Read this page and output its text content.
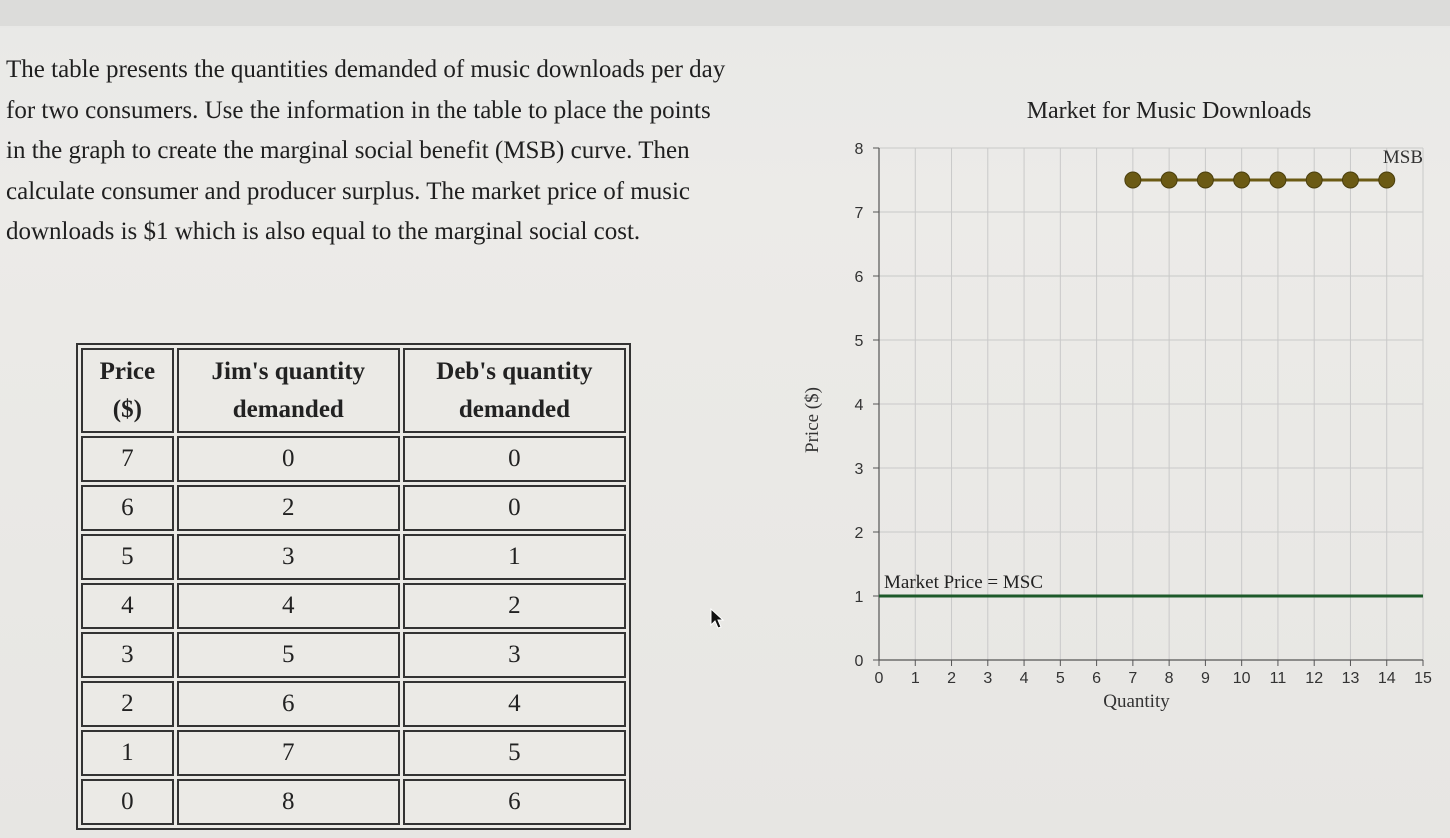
The table presents the quantities demanded of music downloads per day for two consumers. Use the information in the table to place the points in the graph to create the marginal social benefit (MSB) curve. Then calculate consumer and producer surplus. The market price of music downloads is $1 which is also equal to the marginal social cost.
Price ($)	Jim's quantity demanded	Deb's quantity demanded
7	0	0
6	2	0
5	3	1
4	4	2
3	5	3
2	6	4
1	7	5
0	8	6
Market for Music Downloads
0 1 2 3 4 5 6 7 8 9 10 11 12 13 14 15
0
1
2
3
4
5
6
7
8	MSB
Market Price = MSC
Quantity
Price ($)
